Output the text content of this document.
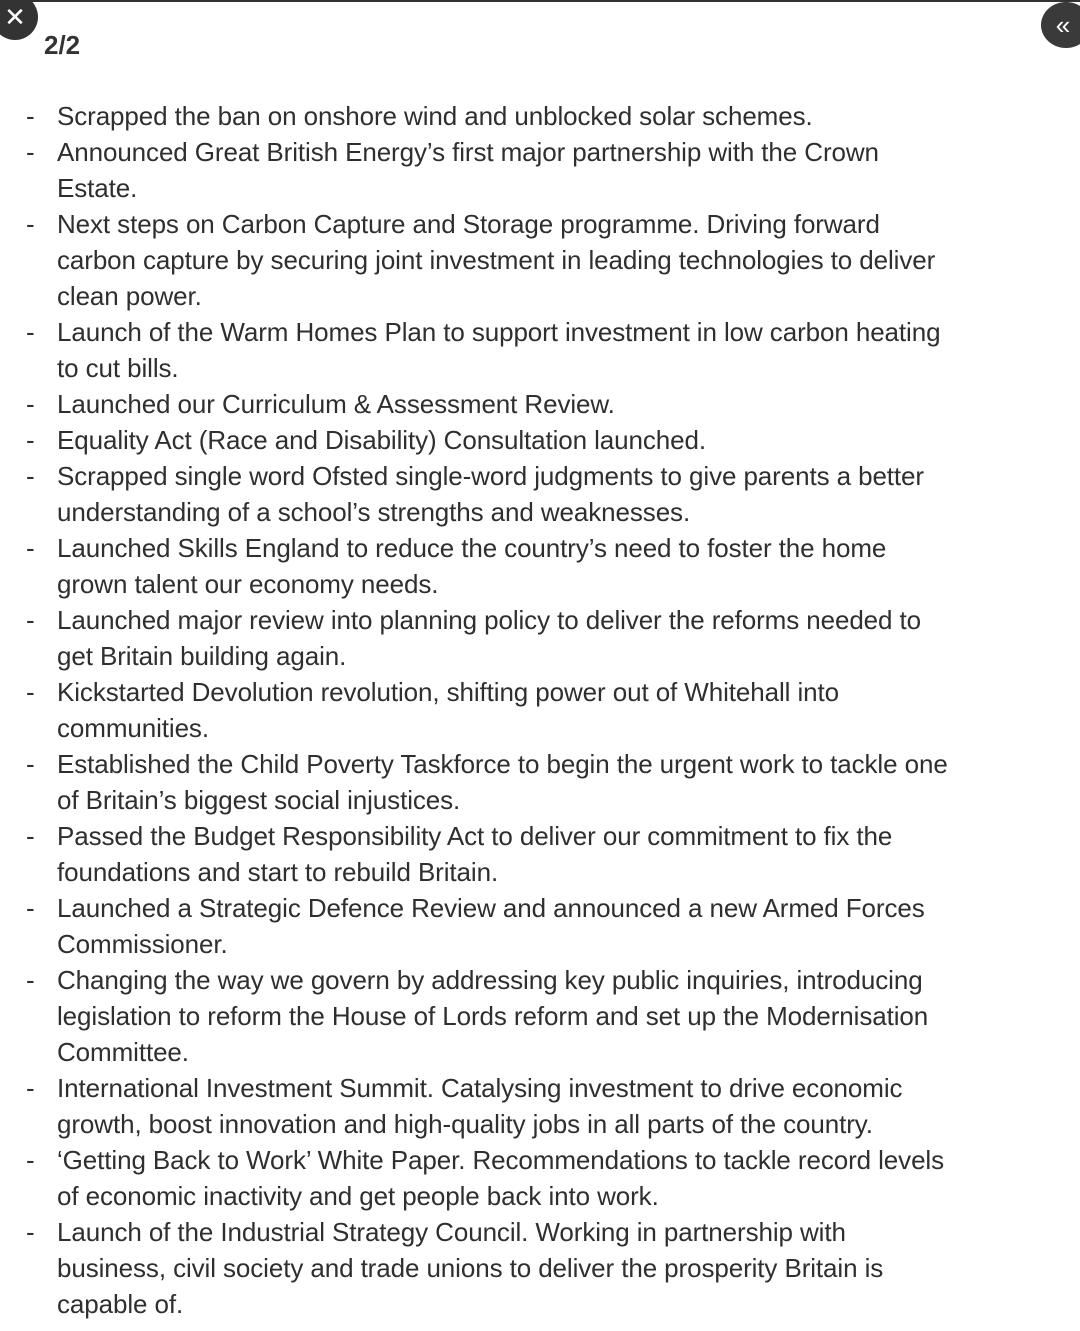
✕	«
2/2
- Scrapped the ban on onshore wind and unblocked solar schemes.
- Announced Great British Energy’s first major partnership with the Crown
Estate.
- Next steps on Carbon Capture and Storage programme. Driving forward
carbon capture by securing joint investment in leading technologies to deliver
clean power.
- Launch of the Warm Homes Plan to support investment in low carbon heating
to cut bills.
- Launched our Curriculum & Assessment Review.
- Equality Act (Race and Disability) Consultation launched.
- Scrapped single word Ofsted single-word judgments to give parents a better
understanding of a school’s strengths and weaknesses.
- Launched Skills England to reduce the country’s need to foster the home
grown talent our economy needs.
- Launched major review into planning policy to deliver the reforms needed to
get Britain building again.
- Kickstarted Devolution revolution, shifting power out of Whitehall into
communities.
- Established the Child Poverty Taskforce to begin the urgent work to tackle one
of Britain’s biggest social injustices.
- Passed the Budget Responsibility Act to deliver our commitment to fix the
foundations and start to rebuild Britain.
- Launched a Strategic Defence Review and announced a new Armed Forces
Commissioner.
- Changing the way we govern by addressing key public inquiries, introducing
legislation to reform the House of Lords reform and set up the Modernisation
Committee.
- International Investment Summit. Catalysing investment to drive economic
growth, boost innovation and high-quality jobs in all parts of the country.
- ‘Getting Back to Work’ White Paper. Recommendations to tackle record levels
of economic inactivity and get people back into work.
- Launch of the Industrial Strategy Council. Working in partnership with
business, civil society and trade unions to deliver the prosperity Britain is
capable of.
